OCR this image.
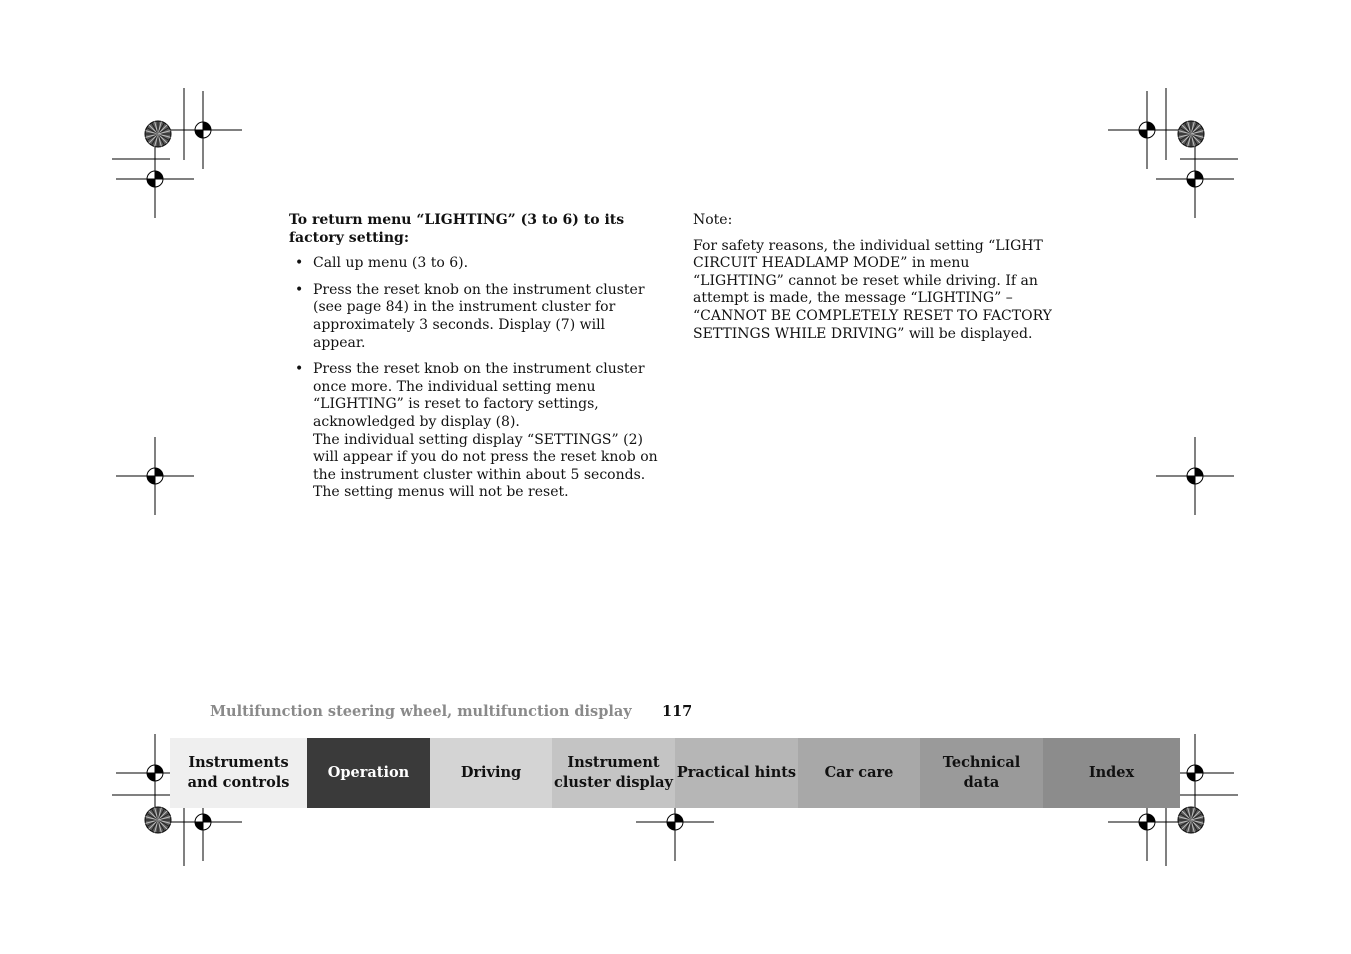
To return menu “LIGHTING” (3 to 6) to its factory setting:
• Call up menu (3 to 6).
• Press the reset knob on the instrument cluster (see page 84) in the instrument cluster for approximately 3 seconds. Display (7) will appear.
• Press the reset knob on the instrument cluster once more. The individual setting menu “LIGHTING” is reset to factory settings, acknowledged by display (8).
The individual setting display “SETTINGS” (2) will appear if you do not press the reset knob on the instrument cluster within about 5 seconds. The setting menus will not be reset.

Note:

For safety reasons, the individual setting “LIGHT CIRCUIT HEADLAMP MODE” in menu “LIGHTING” cannot be reset while driving. If an attempt is made, the message “LIGHTING” – “CANNOT BE COMPLETELY RESET TO FACTORY SETTINGS WHILE DRIVING” will be displayed.

Multifunction steering wheel, multifunction display 117
Instruments
and controls
Operation	Driving
Instrument
cluster display
Practical hints Car care
Technical
data
Index
